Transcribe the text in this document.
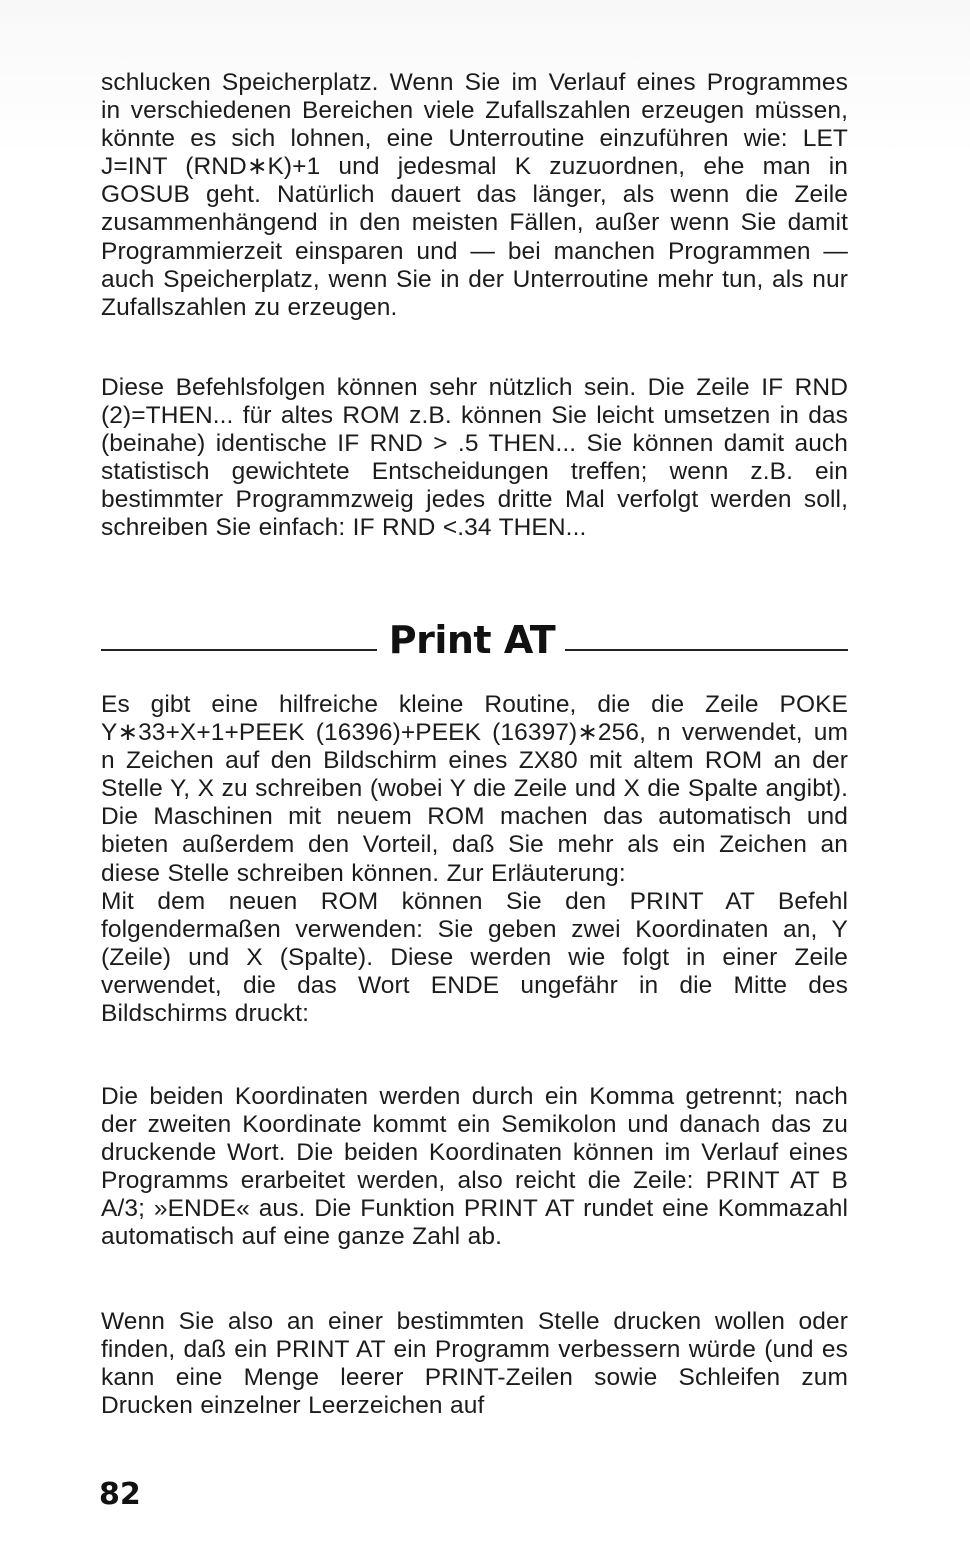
schlucken Speicherplatz. Wenn Sie im Verlauf eines Programmes in verschiedenen Bereichen viele Zufallszahlen erzeugen müssen, könnte es sich lohnen, eine Unterroutine einzuführen wie: LET J=INT (RND∗K)+1 und jedesmal K zuzuordnen, ehe man in GOSUB geht. Natürlich dauert das länger, als wenn die Zeile zusammenhängend in den meisten Fällen, außer wenn Sie damit Programmierzeit einsparen und — bei manchen Programmen — auch Speicherplatz, wenn Sie in der Unterroutine mehr tun, als nur Zufallszahlen zu erzeugen.

Diese Befehlsfolgen können sehr nützlich sein. Die Zeile IF RND (2)=THEN... für altes ROM z.B. können Sie leicht umsetzen in das (beinahe) identische IF RND > .5 THEN... Sie können damit auch statistisch gewichtete Entscheidungen treffen; wenn z.B. ein bestimmter Programmzweig jedes dritte Mal verfolgt werden soll, schreiben Sie einfach: IF RND <.34 THEN...

Print AT

Es gibt eine hilfreiche kleine Routine, die die Zeile POKE Y∗33+X+1+PEEK (16396)+PEEK (16397)∗256, n verwendet, um n Zeichen auf den Bildschirm eines ZX80 mit altem ROM an der Stelle Y, X zu schreiben (wobei Y die Zeile und X die Spalte angibt). Die Maschinen mit neuem ROM machen das automatisch und bieten außerdem den Vorteil, daß Sie mehr als ein Zeichen an diese Stelle schreiben können. Zur Erläuterung:
Mit dem neuen ROM können Sie den PRINT AT Befehl folgendermaßen verwenden: Sie geben zwei Koordinaten an, Y (Zeile) und X (Spalte). Diese werden wie folgt in einer Zeile verwendet, die das Wort ENDE ungefähr in die Mitte des Bildschirms druckt:

Die beiden Koordinaten werden durch ein Komma getrennt; nach der zweiten Koordinate kommt ein Semikolon und danach das zu druckende Wort. Die beiden Koordinaten können im Verlauf eines Programms erarbeitet werden, also reicht die Zeile: PRINT AT B A/3; »ENDE« aus. Die Funktion PRINT AT rundet eine Kommazahl automatisch auf eine ganze Zahl ab.

Wenn Sie also an einer bestimmten Stelle drucken wollen oder finden, daß ein PRINT AT ein Programm verbessern würde (und es kann eine Menge leerer PRINT-Zeilen sowie Schleifen zum Drucken einzelner Leerzeichen auf

82
